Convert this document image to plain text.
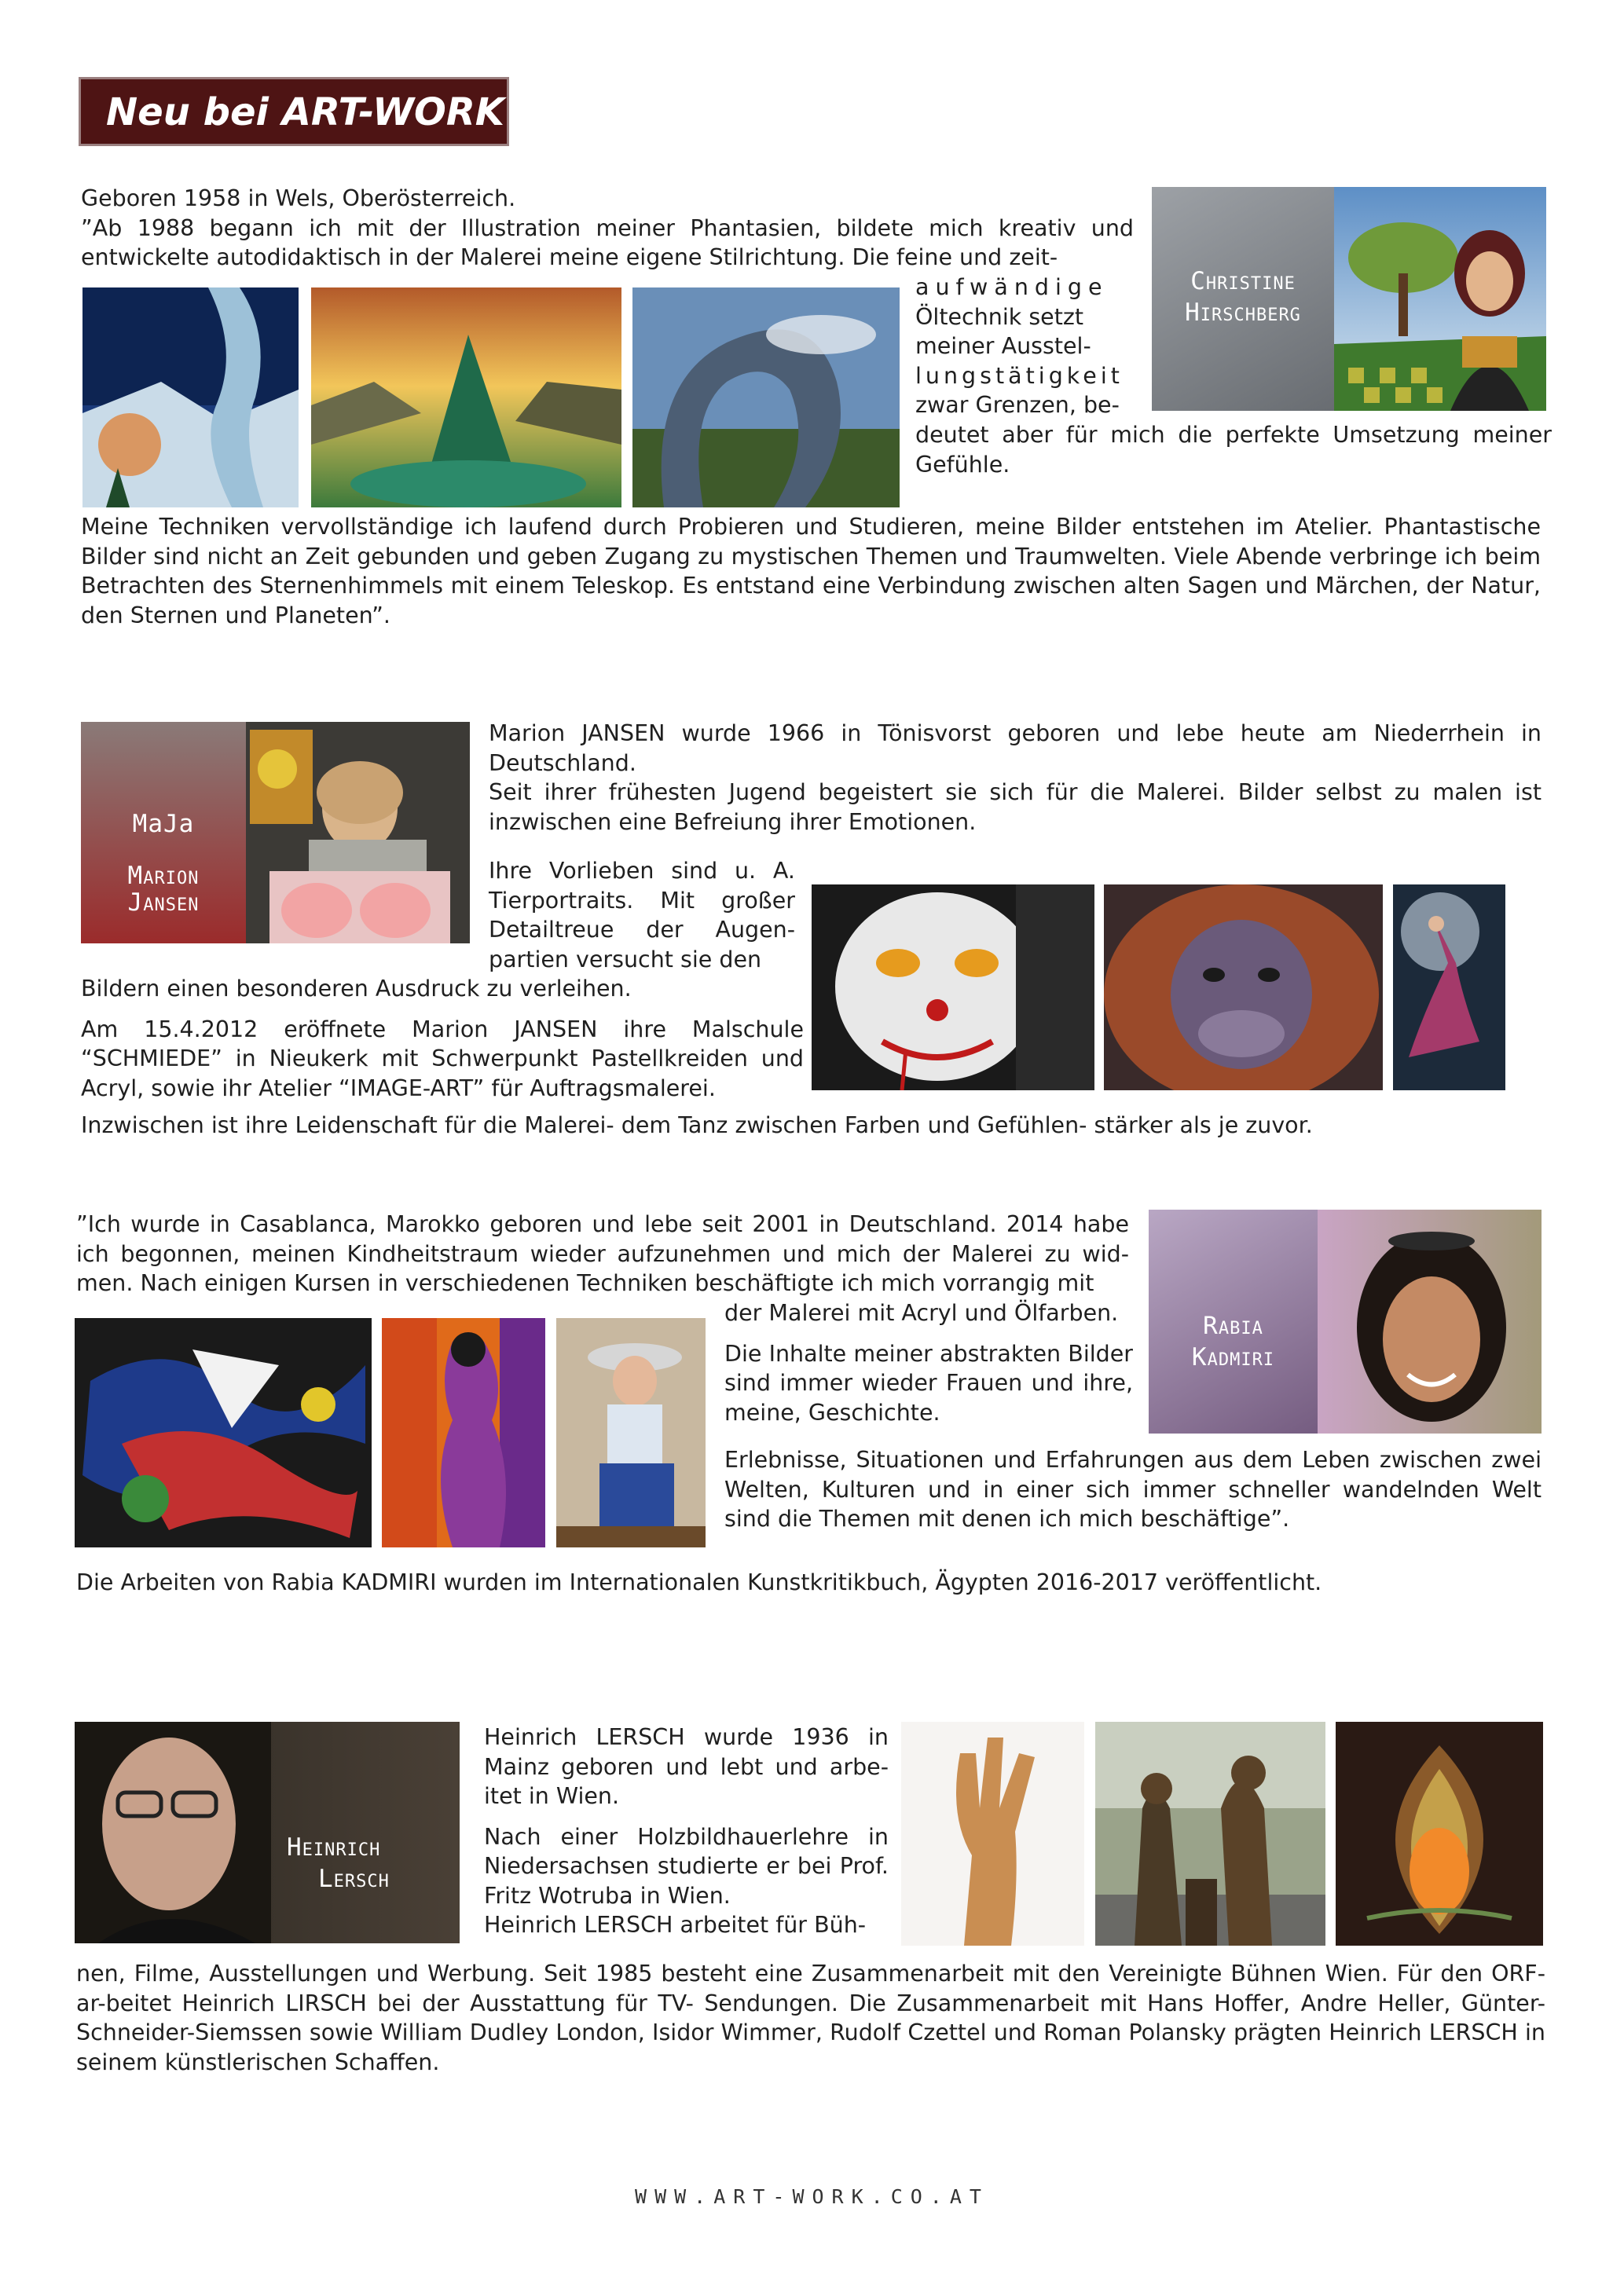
Neu bei ART-WORK

Geboren 1958 in Wels, Oberösterreich.

”Ab 1988 begann ich mit der Illustration meiner Phantasien, bildete mich kreativ und entwickelte autodidaktisch in der Malerei meine eigene Stilrichtung. Die feine und zeit-

Christine
Hirschberg

aufwändige

Öltechnik setzt

meiner Ausstel-

lungstätigkeit

zwar Grenzen, be-

deutet aber für mich die perfekte Umsetzung meiner Gefühle.

Meine Techniken vervollständige ich laufend durch Probieren und Studieren, meine Bilder entstehen im Atelier. Phantastische Bilder sind nicht an Zeit gebunden und geben Zugang zu mystischen Themen und Traumwelten. Viele Abende verbringe ich beim Betrachten des Sternenhimmels mit einem Teleskop. Es entstand eine Verbindung zwischen alten Sagen und Märchen, der Natur, den Sternen und Planeten”.

MaJa
Marion
Jansen

Marion JANSEN wurde 1966 in Tönisvorst geboren und lebe heute am Niederrhein in Deutschland.

Seit ihrer frühesten Jugend begeistert sie sich für die Malerei. Bilder selbst zu malen ist inzwischen eine Befreiung ihrer Emotionen.

Ihre Vorlieben sind u. A. Tierportraits. Mit großer Detailtreue der Augen-partien versucht sie den

Bildern einen besonderen Ausdruck zu verleihen.

Am 15.4.2012 eröffnete Marion JANSEN ihre Malschule “SCHMIEDE” in Nieukerk mit Schwerpunkt Pastellkreiden und Acryl, sowie ihr Atelier “IMAGE-ART” für Auftragsmalerei.

Inzwischen ist ihre Leidenschaft für die Malerei- dem Tanz zwischen Farben und Gefühlen- stärker als je zuvor.

”Ich wurde in Casablanca, Marokko geboren und lebe seit 2001 in Deutschland. 2014 habe ich begonnen, meinen Kindheitstraum wieder aufzunehmen und mich der Malerei zu wid-men. Nach einigen Kursen in verschiedenen Techniken beschäftigte ich mich vorrangig mit

der Malerei mit Acryl und Ölfarben.

Die Inhalte meiner abstrakten Bilder sind immer wieder Frauen und ihre, meine, Geschichte.

Erlebnisse, Situationen und Erfahrungen aus dem Leben zwischen zwei Welten, Kulturen und in einer sich immer schneller wandelnden Welt sind die Themen mit denen ich mich beschäftige”.

Rabia
Kadmiri

Die Arbeiten von Rabia KADMIRI wurden im Internationalen Kunstkritikbuch, Ägypten 2016-2017 veröffentlicht.

Heinrich
Lersch

Heinrich LERSCH wurde 1936 in Mainz geboren und lebt und arbe-itet in Wien.

Nach einer Holzbildhauerlehre in Niedersachsen studierte er bei Prof. Fritz Wotruba in Wien.

Heinrich LERSCH arbeitet für Büh-

nen, Filme, Ausstellungen und Werbung. Seit 1985 besteht eine Zusammenarbeit mit den Vereinigte Bühnen Wien. Für den ORF- ar-beitet Heinrich LIRSCH bei der Ausstattung für TV- Sendungen. Die Zusammenarbeit mit Hans Hoffer, Andre Heller, Günter-Schneider-Siemssen sowie William Dudley London, Isidor Wimmer, Rudolf Czettel und Roman Polansky prägten Heinrich LERSCH in seinem künstlerischen Schaffen.

WWW.ART-WORK.CO.AT
